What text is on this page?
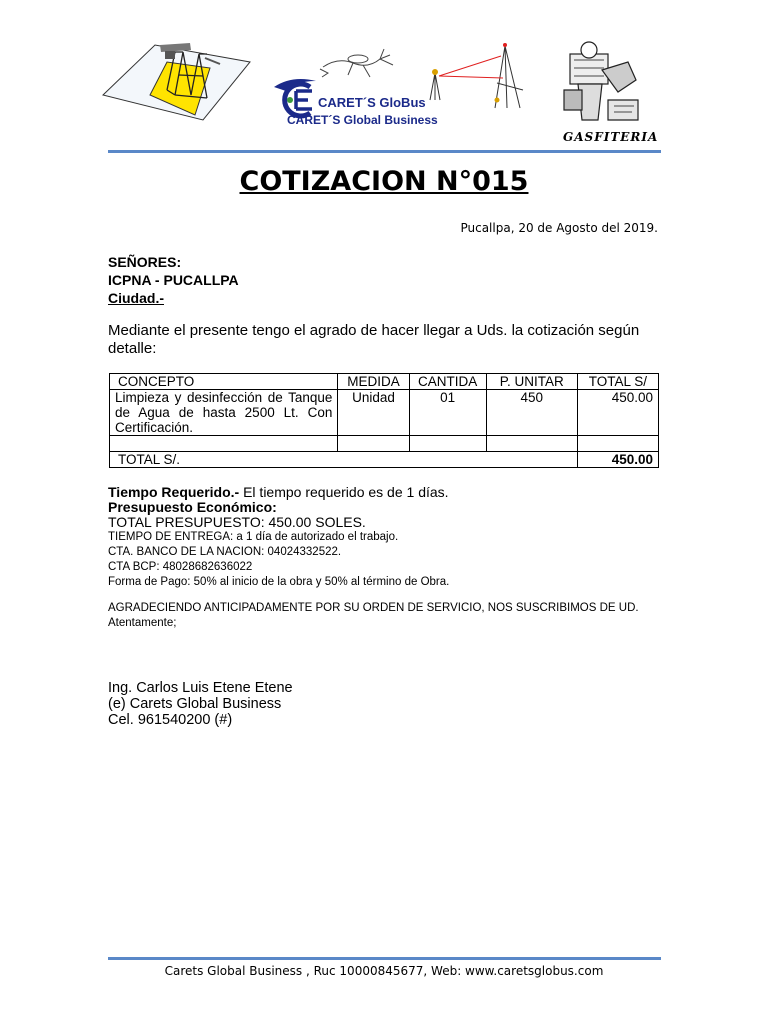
CARET´S GloBus
CARET´S Global Business
GASFITERIA
COTIZACION N°015
Pucallpa, 20 de Agosto del 2019.
SEÑORES:
ICPNA - PUCALLPA
Ciudad.-
Mediante el presente tengo el agrado de hacer llegar a Uds. la cotización según detalle:
CONCEPTO	MEDIDA	CANTIDA	P. UNITAR	TOTAL S/
Limpieza y desinfección de Tanque de Agua de hasta 2500 Lt. Con Certificación.	Unidad	01	450	450.00

TOTAL S/.				450.00
Tiempo Requerido.- El tiempo requerido es de 1 días.
Presupuesto Económico:
TOTAL PRESUPUESTO: 450.00 SOLES.
TIEMPO DE ENTREGA: a 1 día de autorizado el trabajo.
CTA. BANCO DE LA NACION: 04024332522.
CTA BCP: 48028682636022
Forma de Pago: 50% al inicio de la obra y 50% al término de Obra.
AGRADECIENDO ANTICIPADAMENTE POR SU ORDEN DE SERVICIO, NOS SUSCRIBIMOS DE UD.
Atentamente;
Ing. Carlos Luis Etene Etene
(e) Carets Global Business
Cel. 961540200 (#)
Carets Global Business , Ruc 10000845677, Web: www.caretsglobus.com
